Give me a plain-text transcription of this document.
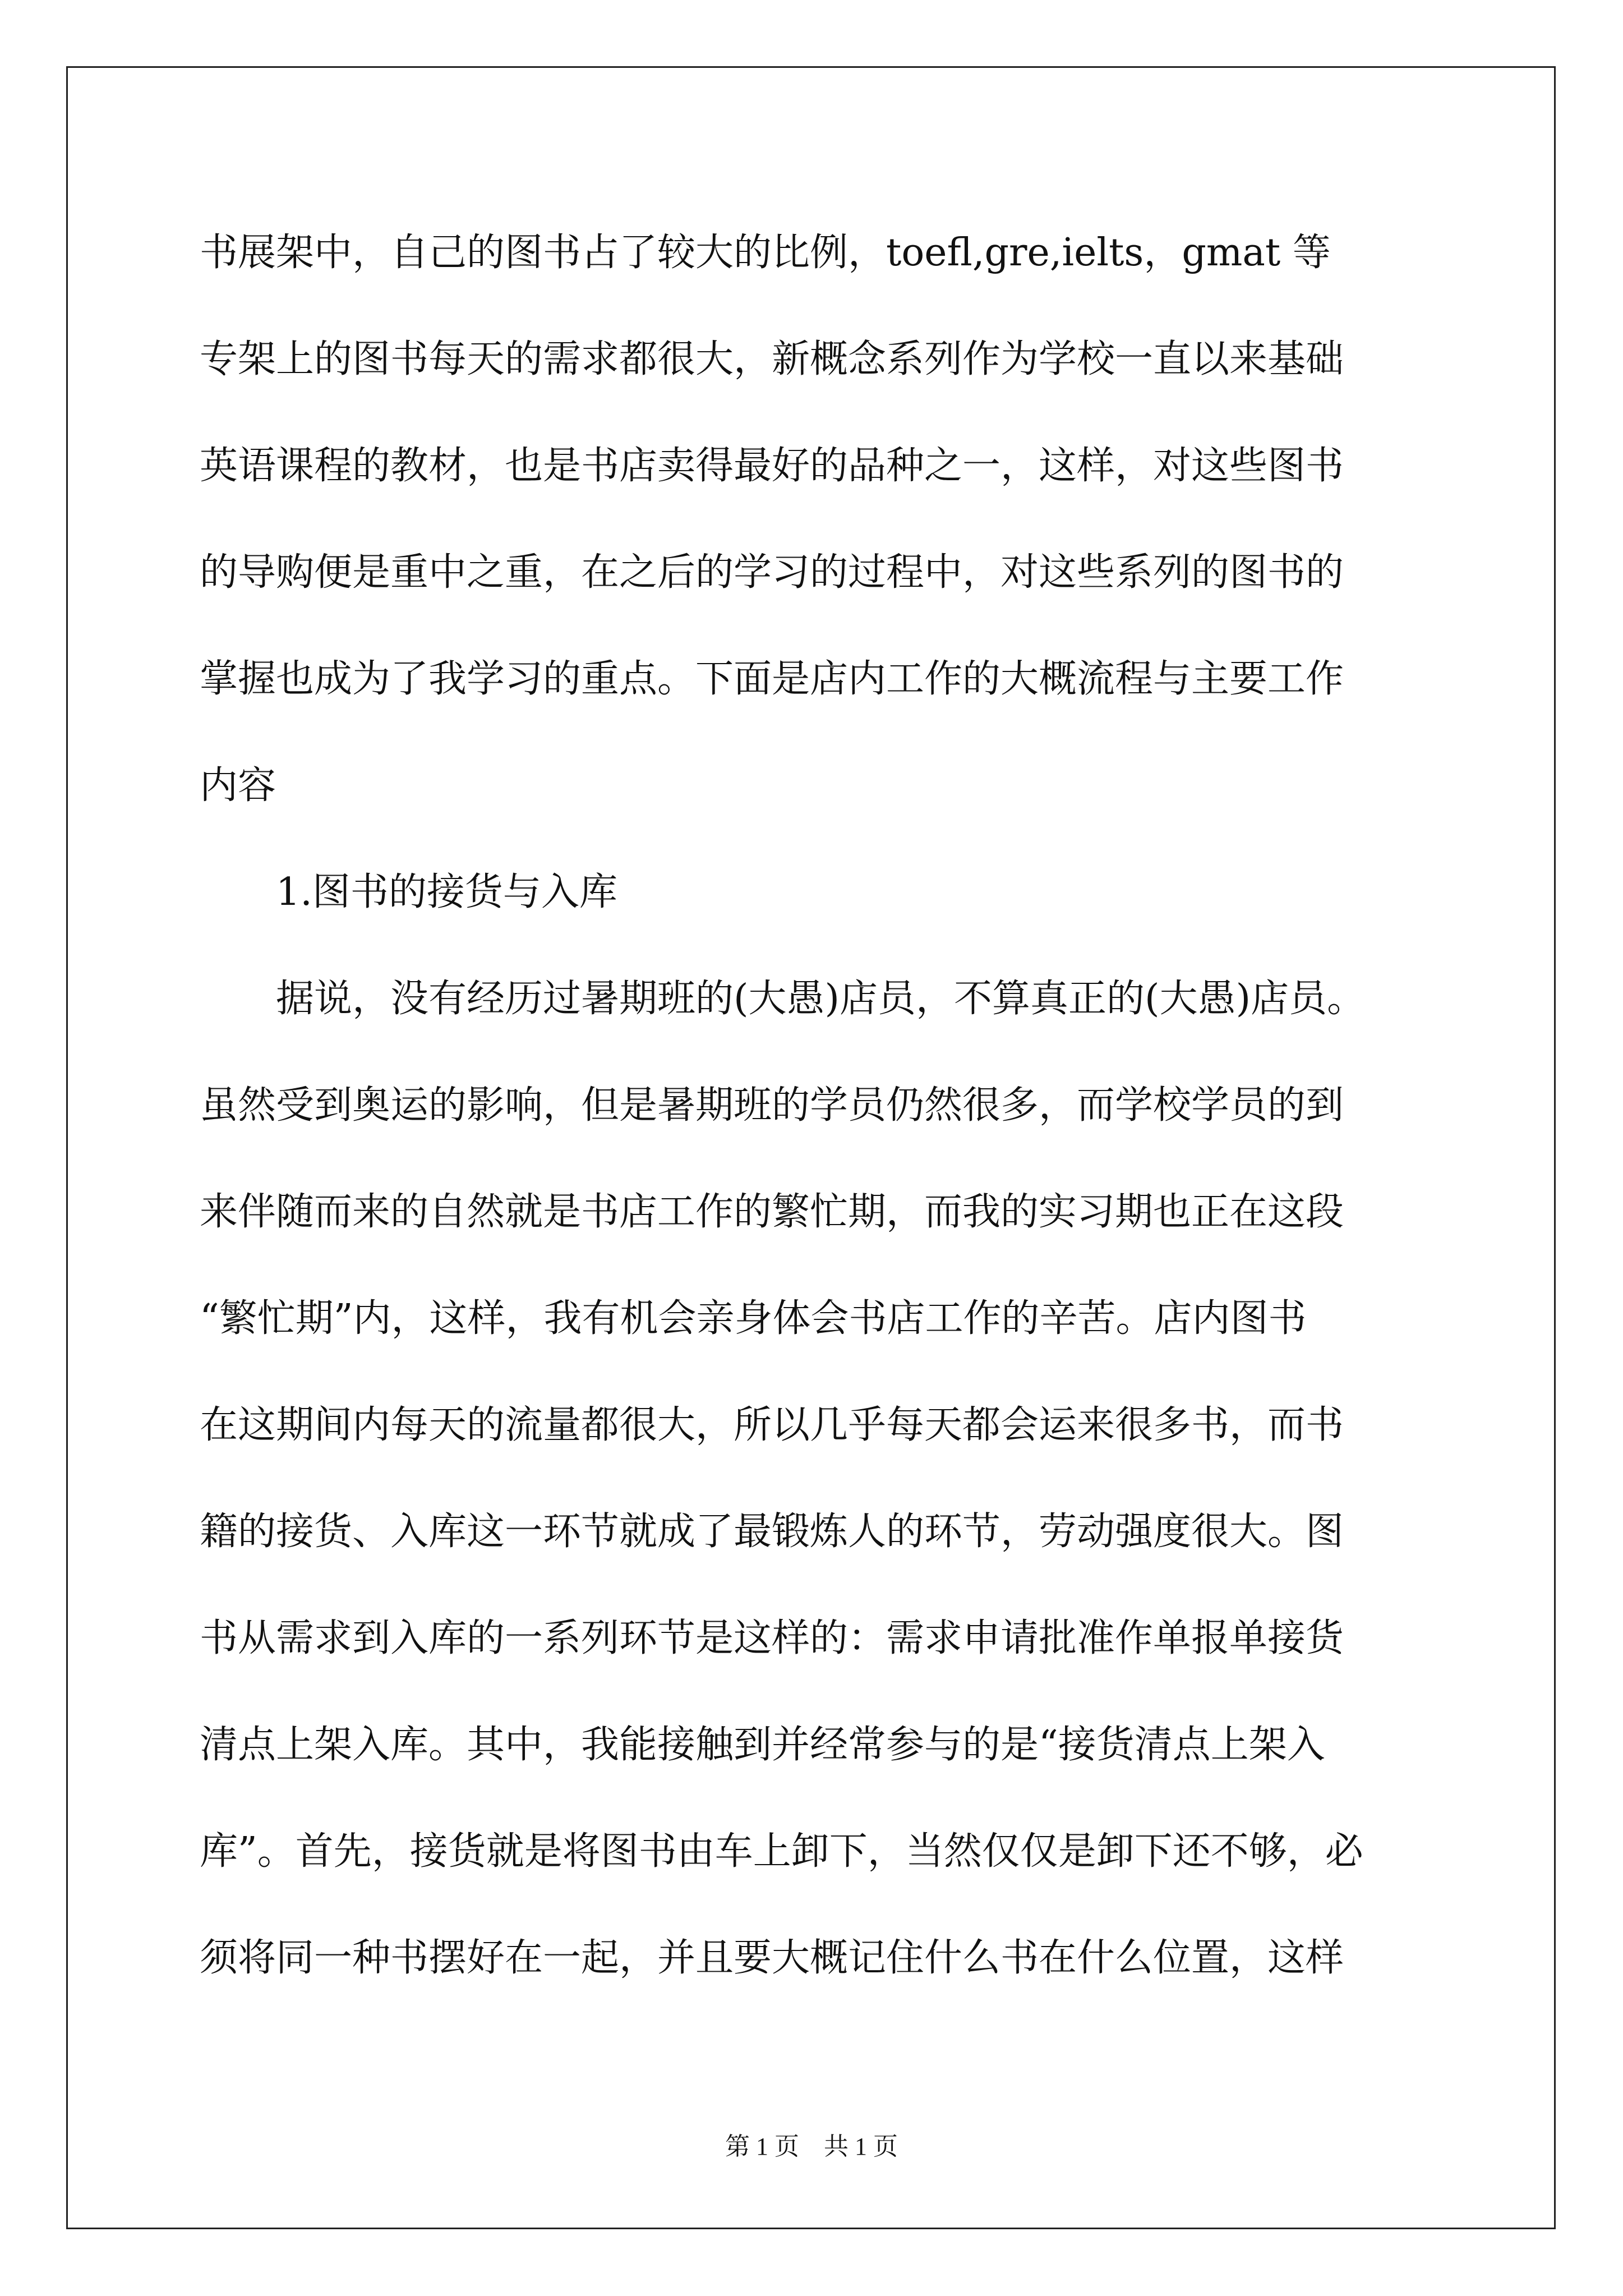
书展架中，自己的图书占了较大的比例，toefl,gre,ielts，gmat 等
专架上的图书每天的需求都很大，新概念系列作为学校一直以来基础
英语课程的教材，也是书店卖得最好的品种之一，这样，对这些图书
的导购便是重中之重，在之后的学习的过程中，对这些系列的图书的
掌握也成为了我学习的重点。下面是店内工作的大概流程与主要工作
内容
1.图书的接货与入库
据说，没有经历过暑期班的(大愚)店员，不算真正的(大愚)店员。
虽然受到奥运的影响，但是暑期班的学员仍然很多，而学校学员的到
来伴随而来的自然就是书店工作的繁忙期，而我的实习期也正在这段
“繁忙期”内，这样，我有机会亲身体会书店工作的辛苦。店内图书
在这期间内每天的流量都很大，所以几乎每天都会运来很多书，而书
籍的接货、入库这一环节就成了最锻炼人的环节，劳动强度很大。图
书从需求到入库的一系列环节是这样的：需求申请批准作单报单接货
清点上架入库。其中，我能接触到并经常参与的是“接货清点上架入
库”。首先，接货就是将图书由车上卸下，当然仅仅是卸下还不够，必
须将同一种书摆好在一起，并且要大概记住什么书在什么位置，这样
第 1 页　共 1 页
